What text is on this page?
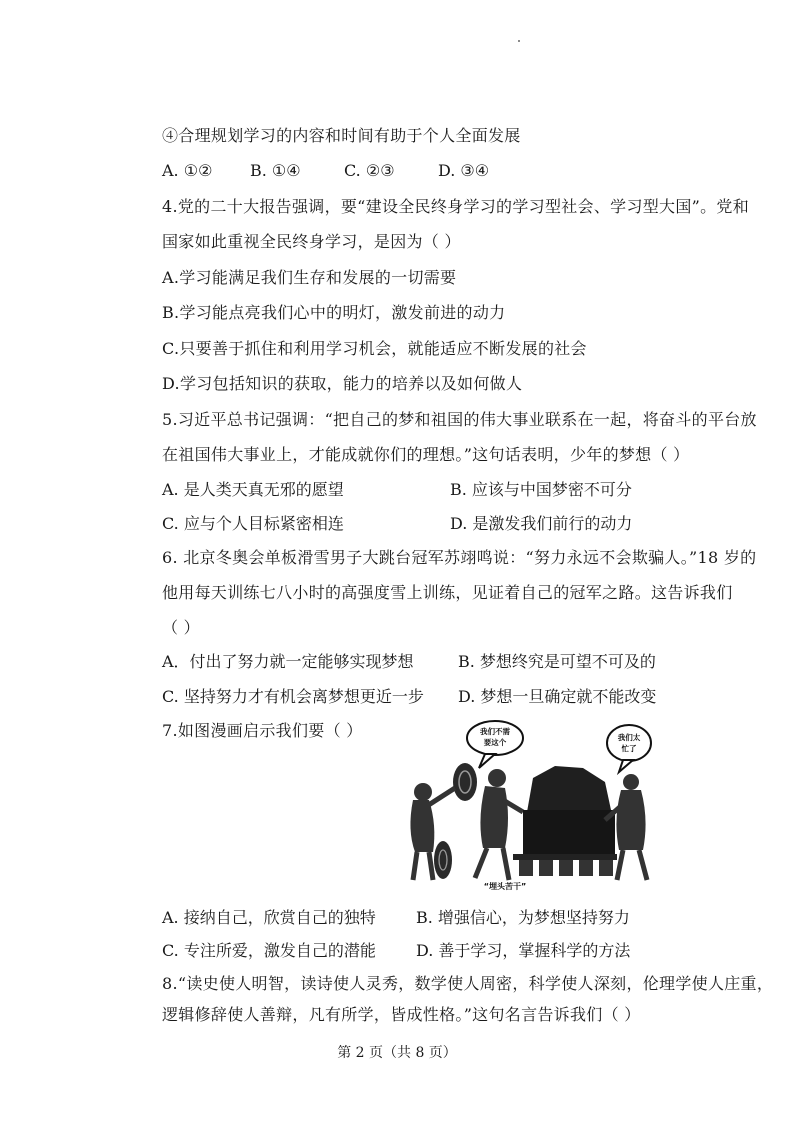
④合理规划学习的内容和时间有助于个人全面发展
A. ①② B. ①④	C. ②③	D. ③④
4.党的二十大报告强调，要“建设全民终身学习的学习型社会、学习型大国”。党和
国家如此重视全民终身学习，是因为（ ）
A.学习能满足我们生存和发展的一切需要
B.学习能点亮我们心中的明灯，激发前进的动力
C.只要善于抓住和利用学习机会，就能适应不断发展的社会
D.学习包括知识的获取，能力的培养以及如何做人
5.习近平总书记强调：“把自己的梦和祖国的伟大事业联系在一起，将奋斗的平台放
在祖国伟大事业上，才能成就你们的理想。”这句话表明，少年的梦想（ ）
A. 是人类天真无邪的愿望	B. 应该与中国梦密不可分
C. 应与个人目标紧密相连	D. 是激发我们前行的动力
6. 北京冬奥会单板滑雪男子大跳台冠军苏翊鸣说：“努力永远不会欺骗人。”18 岁的
他用每天训练七八小时的高强度雪上训练，见证着自己的冠军之路。这告诉我们
（ ）
A．付出了努力就一定能够实现梦想	B. 梦想终究是可望不可及的
C. 坚持努力才有机会离梦想更近一步 D. 梦想一旦确定就不能改变
7.如图漫画启示我们要（ ）	我们不需
要这个
我们太
忙了
“埋头苦干”
A. 接纳自己，欣赏自己的独特	B. 增强信心，为梦想坚持努力
C. 专注所爱，激发自己的潜能	D. 善于学习，掌握科学的方法
8.“读史使人明智，读诗使人灵秀，数学使人周密，科学使人深刻，伦理学使人庄重，
逻辑修辞使人善辩，凡有所学，皆成性格。”这句名言告诉我们（ ）
第 2 页（共 8 页）
